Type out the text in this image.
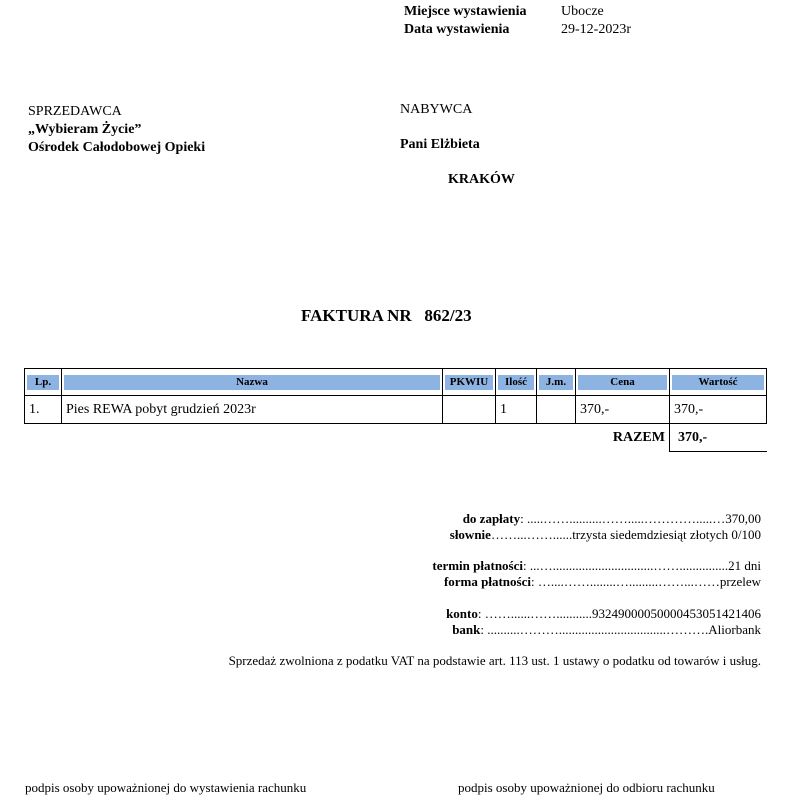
Miejsce wystawienia Ubocze
Data wystawienia	29-12-2023r
SPRZEDAWCA
„Wybieram Życie”
Ośrodek Całodobowej Opieki
NABYWCA
Pani Elżbieta
KRAKÓW
FAKTURA NR 862/23
Lp.	Nazwa	PKWIU	Ilość	J.m.	Cena	Wartość

1.	Pies REWA pobyt grudzień 2023r		1		370,-	370,-
					RAZEM	370,-
do zapłaty: .....……..........…….....………….....…370,00
słownie……...……......trzysta siedemdziesiąt złotych 0/100
termin płatności: ...…...............................……...............21 dni
forma płatności: …....……........….........……...……przelew
konto: ……......……...........93249000050000453051421406
bank: ..........……….................................……….Aliorbank
Sprzedaż zwolniona z podatku VAT na podstawie art. 113 ust. 1 ustawy o podatku od towarów i usług.
podpis osoby upoważnionej do wystawienia rachunku	podpis osoby upoważnionej do odbioru rachunku
